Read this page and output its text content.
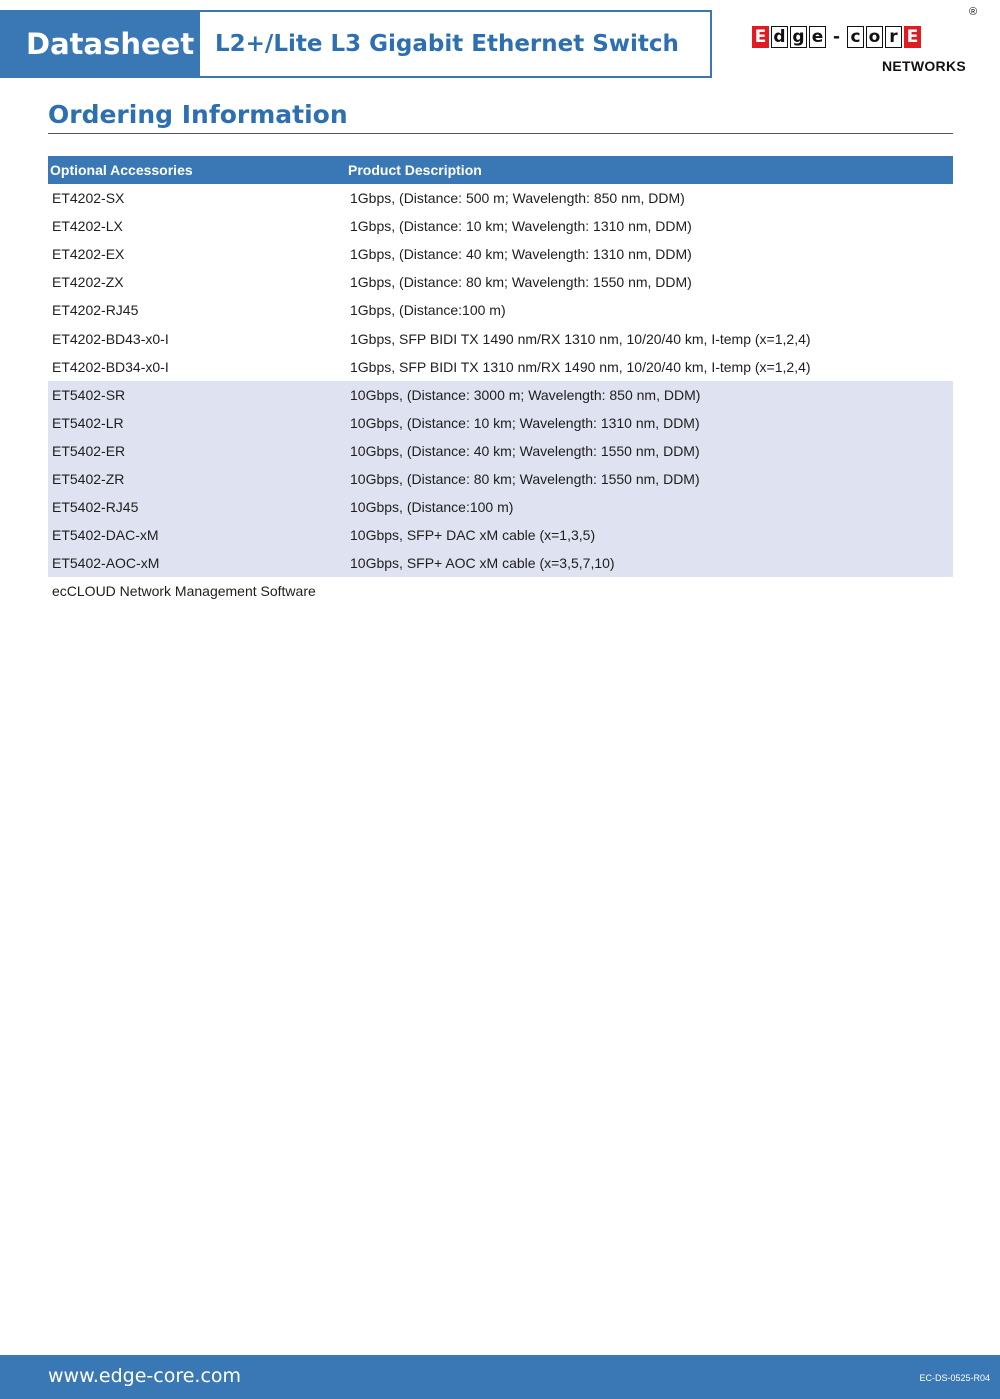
Datasheet L2+/Lite L3 Gigabit Ethernet Switch	E d g e - c o r E
®
NETWORKS
Ordering Information
Optional Accessories	Product Description
ET4202-SX	1Gbps, (Distance: 500 m; Wavelength: 850 nm, DDM)
ET4202-LX	1Gbps, (Distance: 10 km; Wavelength: 1310 nm, DDM)
ET4202-EX	1Gbps, (Distance: 40 km; Wavelength: 1310 nm, DDM)
ET4202-ZX	1Gbps, (Distance: 80 km; Wavelength: 1550 nm, DDM)
ET4202-RJ45	1Gbps, (Distance:100 m)
ET4202-BD43-x0-I	1Gbps, SFP BIDI TX 1490 nm/RX 1310 nm, 10/20/40 km, I-temp (x=1,2,4)
ET4202-BD34-x0-I	1Gbps, SFP BIDI TX 1310 nm/RX 1490 nm, 10/20/40 km, I-temp (x=1,2,4)
ET5402-SR	10Gbps, (Distance: 3000 m; Wavelength: 850 nm, DDM)
ET5402-LR	10Gbps, (Distance: 10 km; Wavelength: 1310 nm, DDM)
ET5402-ER	10Gbps, (Distance: 40 km; Wavelength: 1550 nm, DDM)
ET5402-ZR	10Gbps, (Distance: 80 km; Wavelength: 1550 nm, DDM)
ET5402-RJ45	10Gbps, (Distance:100 m)
ET5402-DAC-xM	10Gbps, SFP+ DAC xM cable (x=1,3,5)
ET5402-AOC-xM	10Gbps, SFP+ AOC xM cable (x=3,5,7,10)
ecCLOUD Network Management Software
www.edge-core.com	EC-DS-0525-R04
